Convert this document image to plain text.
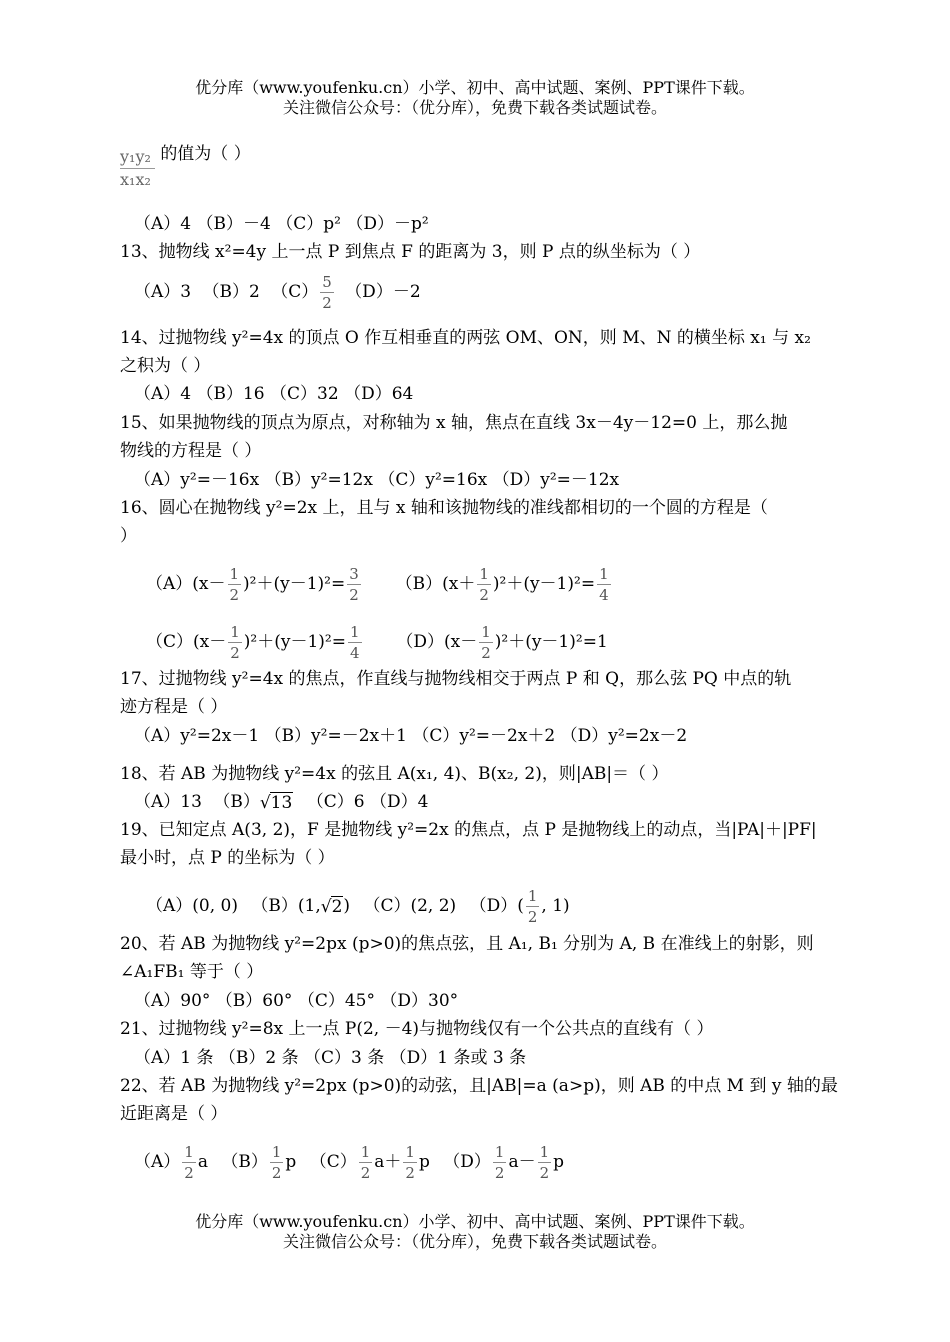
优分库（www.youfenku.cn）小学、初中、高中试题、案例、PPT课件下载。
关注微信公众号：（优分库），免费下载各类试题试卷。
$\frac{\text{y₁y₂}}{\text{x₁x₂}}$ 的值为（ ）
（A）4 （B）－4 （C）p² （D）－p²
13、抛物线 x²=4y 上一点 P 到焦点 F 的距离为 3，则 P 点的纵坐标为（ ）
（A）3 （B）2 $(C) \frac{5}{2} (D)-2$
14、过抛物线 y²=4x 的顶点 O 作互相垂直的两弦 OM、ON，则 M、N 的横坐标 x₁ 与 x₂
之积为（ ）
（A）4 （B）16 （C）32 （D）64
15、如果抛物线的顶点为原点，对称轴为 x 轴，焦点在直线 3x－4y－12=0 上，那么抛
物线的方程是（ ）
（A）y²=－16x （B）y²=12x （C）y²=16x （D）y²=－12x
16、圆心在抛物线 y²=2x 上，且与 x 轴和该抛物线的准线都相切的一个圆的方程是（
）
$(A)(x- \frac{1}{2} )^2+(y-1)^2= \frac{3}{2} (B)(x+ \frac{1}{2} )^2+(y-1)^2= \frac{1}{4}$
$(C)(x- \frac{1}{2} )^2+(y-1)^2= \frac{1}{4} (D)(x- \frac{1}{2} )^2+(y-1)^2=1$
17、过抛物线 y²=4x 的焦点，作直线与抛物线相交于两点 P 和 Q，那么弦 PQ 中点的轨
迹方程是（ ）
（A）y²=2x－1 （B）y²=－2x＋1 （C）y²=－2x＋2 （D）y²=2x－2
18、若 AB 为抛物线 y²=4x 的弦且 A(x₁, 4)、B(x₂, 2)，则|AB|＝（ ）
（A）13 （B）√13 （C）6 （D）4
19、已知定点 A(3, 2)，F 是抛物线 y²=2x 的焦点，点 P 是抛物线上的动点，当|PA|＋|PF|
最小时，点 P 的坐标为（ ）
（A）(0, 0) （B）(1,√2) （C）(2, 2) $(D)( \frac{1}{2}$ , 1)
20、若 AB 为抛物线 y²=2px (p>0)的焦点弦，且 A₁, B₁ 分别为 A, B 在准线上的射影，则
∠A₁FB₁ 等于（ ）
（A）90° （B）60° （C）45° （D）30°
21、过抛物线 y²=8x 上一点 P(2, －4)与抛物线仅有一个公共点的直线有（ ）
（A）1 条 （B）2 条 （C）3 条 （D）1 条或 3 条
22、若 AB 为抛物线 y²=2px (p>0)的动弦，且|AB|=a (a>p)，则 AB 的中点 M 到 y 轴的最
近距离是（ ）
$(A) \frac{1}{2}$ a $(B) \frac{1}{2}$ p $(C) \frac{1}{2} a+ \frac{1}{2}$ p $(D) \frac{1}{2} a- \frac{1}{2}$ p
优分库（www.youfenku.cn）小学、初中、高中试题、案例、PPT课件下载。
关注微信公众号：（优分库），免费下载各类试题试卷。
